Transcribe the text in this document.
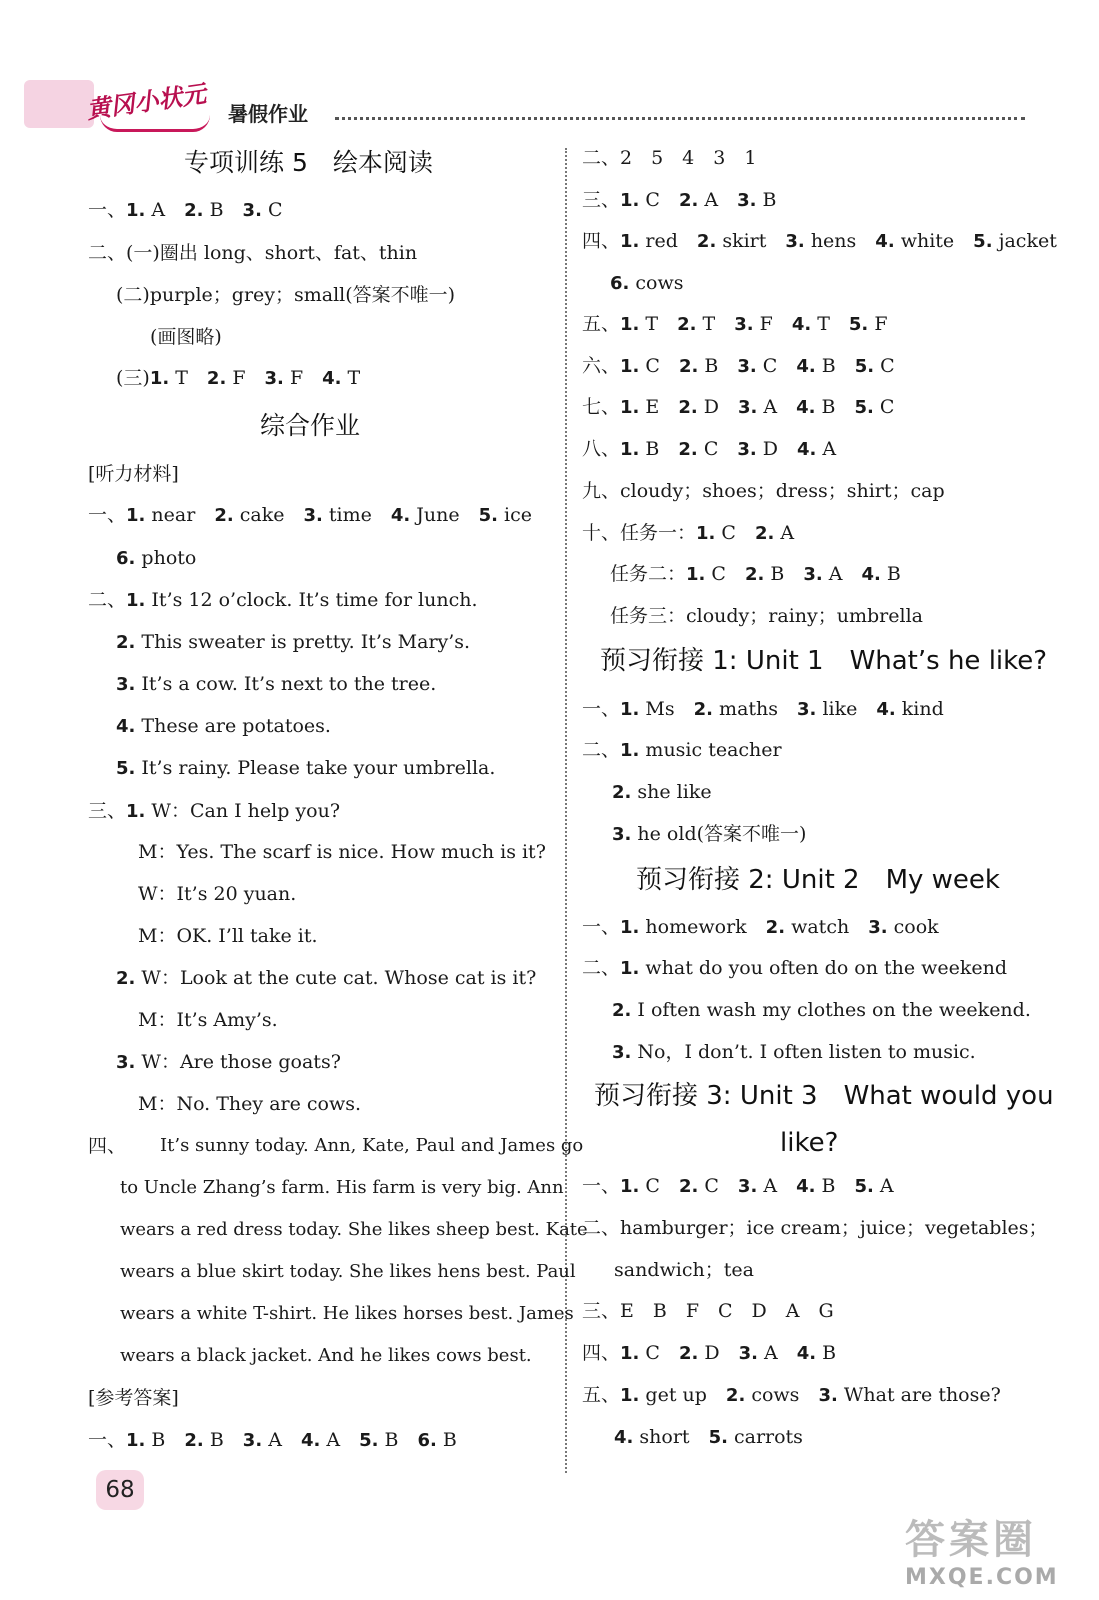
黄冈小状元 暑假作业
专项训练 5　绘本阅读
一、1. A　2. B　3. C
二、(一)圈出 long、short、fat、thin
(二)purple；grey；small(答案不唯一)
(画图略)
(三)1. T　2. F　3. F　4. T
综合作业
[听力材料]
一、1. near　2. cake　3. time　4. June　5. ice
6. photo
二、1. It’s 12 o’clock. It’s time for lunch.
2. This sweater is pretty. It’s Mary’s.
3. It’s a cow. It’s next to the tree.
4. These are potatoes.
5. It’s rainy. Please take your umbrella.
三、1. W：Can I help you?
M：Yes. The scarf is nice. How much is it?
W：It’s 20 yuan.
M：OK. I’ll take it.
2. W：Look at the cute cat. Whose cat is it?
M：It’s Amy’s.
3. W：Are those goats?
M：No. They are cows.
四、 It’s sunny today. Ann, Kate, Paul and James go
to Uncle Zhang’s farm. His farm is very big. Ann
wears a red dress today. She likes sheep best. Kate
wears a blue skirt today. She likes hens best. Paul
wears a white T-shirt. He likes horses best. James
wears a black jacket. And he likes cows best.
[参考答案]
一、1. B　2. B　3. A　4. A　5. B　6. B
68
二、2　5　4　3　1
三、1. C　2. A　3. B
四、1. red　2. skirt　3. hens　4. white　5. jacket
6. cows
五、1. T　2. T　3. F　4. T　5. F
六、1. C　2. B　3. C　4. B　5. C
七、1. E　2. D　3. A　4. B　5. C
八、1. B　2. C　3. D　4. A
九、cloudy；shoes；dress；shirt；cap
十、任务一：1. C　2. A
任务二：1. C　2. B　3. A　4. B
任务三：cloudy；rainy；umbrella
预习衔接 1: Unit 1　What’s he like?
一、1. Ms　2. maths　3. like　4. kind
二、1. music teacher
2. she like
3. he old(答案不唯一)
预习衔接 2: Unit 2　My week
一、1. homework　2. watch　3. cook
二、1. what do you often do on the weekend
2. I often wash my clothes on the weekend.
3. No，I don’t. I often listen to music.
预习衔接 3: Unit 3　What would you
like?
一、1. C　2. C　3. A　4. B　5. A
二、hamburger；ice cream；juice；vegetables；
sandwich；tea
三、E　B　F　C　D　A　G
四、1. C　2. D　3. A　4. B
五、1. get up　2. cows　3. What are those?
4. short　5. carrots
答案圈
MXQE.COM
